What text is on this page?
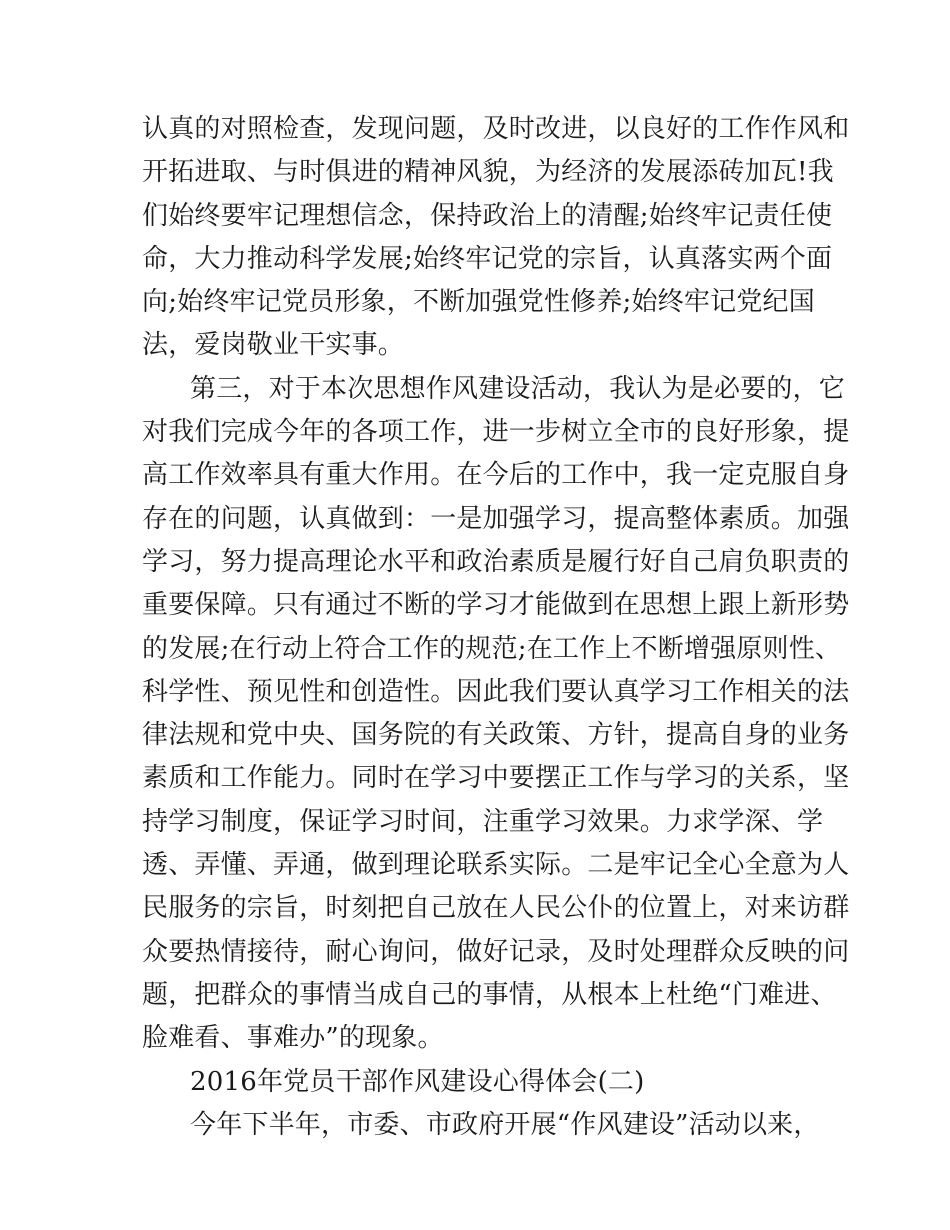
认真的对照检查，发现问题，及时改进，以良好的工作作风和
开拓进取、与时俱进的精神风貌，为经济的发展添砖加瓦!我
们始终要牢记理想信念，保持政治上的清醒;始终牢记责任使
命，大力推动科学发展;始终牢记党的宗旨，认真落实两个面
向;始终牢记党员形象，不断加强党性修养;始终牢记党纪国
法，爱岗敬业干实事。
第三，对于本次思想作风建设活动，我认为是必要的，它
对我们完成今年的各项工作，进一步树立全市的良好形象，提
高工作效率具有重大作用。在今后的工作中，我一定克服自身
存在的问题，认真做到：一是加强学习，提高整体素质。加强
学习，努力提高理论水平和政治素质是履行好自己肩负职责的
重要保障。只有通过不断的学习才能做到在思想上跟上新形势
的发展;在行动上符合工作的规范;在工作上不断增强原则性、
科学性、预见性和创造性。因此我们要认真学习工作相关的法
律法规和党中央、国务院的有关政策、方针，提高自身的业务
素质和工作能力。同时在学习中要摆正工作与学习的关系，坚
持学习制度，保证学习时间，注重学习效果。力求学深、学
透、弄懂、弄通，做到理论联系实际。二是牢记全心全意为人
民服务的宗旨，时刻把自己放在人民公仆的位置上，对来访群
众要热情接待，耐心询问，做好记录，及时处理群众反映的问
题，把群众的事情当成自己的事情，从根本上杜绝“门难进、
脸难看、事难办”的现象。
2016年党员干部作风建设心得体会(二)
今年下半年，市委、市政府开展“作风建设”活动以来，
